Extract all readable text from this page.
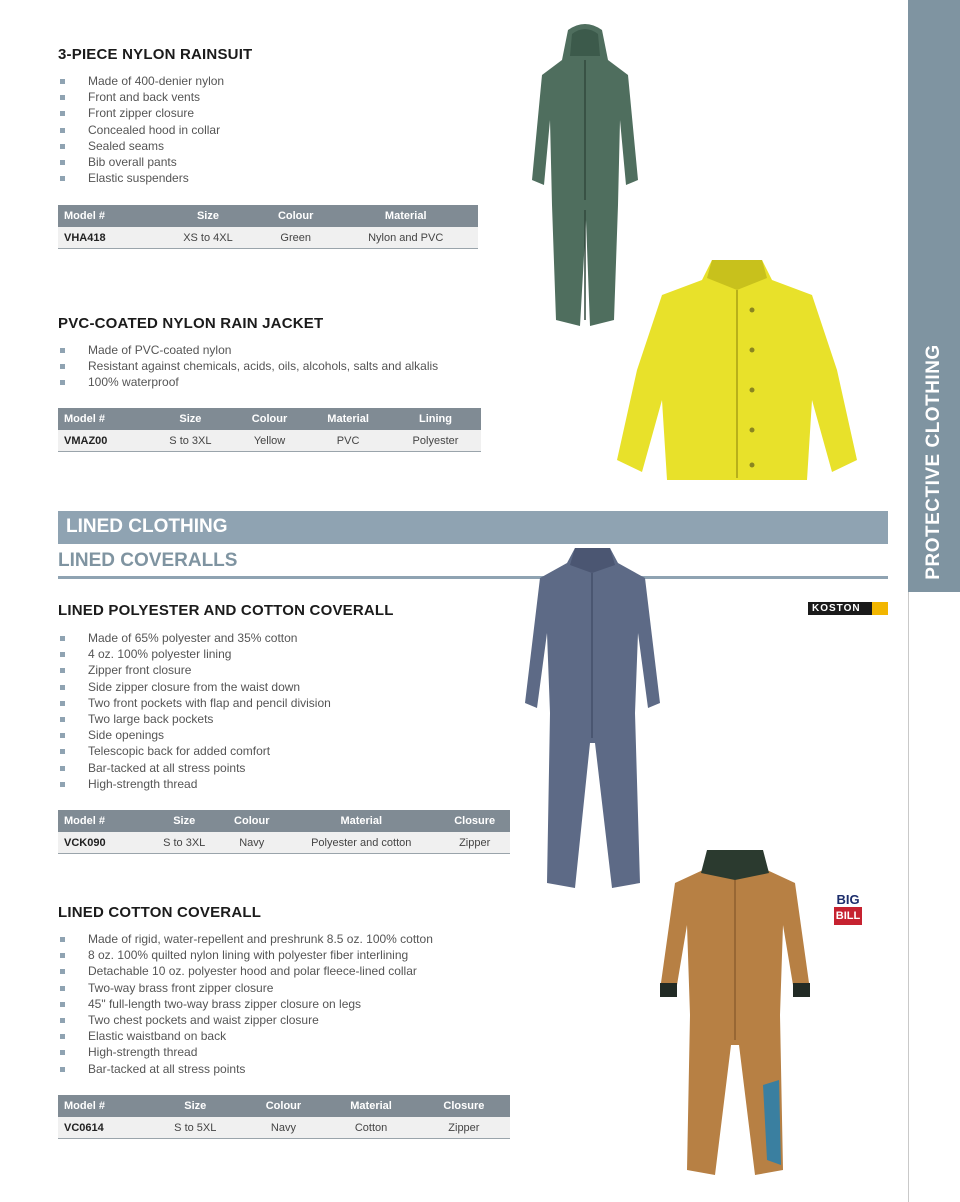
PROTECTIVE CLOTHING
3-PIECE NYLON RAINSUIT
Made of 400-denier nylon
Front and back vents
Front zipper closure
Concealed hood in collar
Sealed seams
Bib overall pants
Elastic suspenders
Model #	Size	Colour	Material
VHA418	XS to 4XL	Green	Nylon and PVC
PVC-COATED NYLON RAIN JACKET
Made of PVC-coated nylon
Resistant against chemicals, acids, oils, alcohols, salts and alkalis
100% waterproof
Model #	Size	Colour	Material	Lining
VMAZ00	S to 3XL	Yellow	PVC	Polyester
LINED CLOTHING
LINED COVERALLS
KOSTON
LINED POLYESTER AND COTTON COVERALL
Made of 65% polyester and 35% cotton
4 oz. 100% polyester lining
Zipper front closure
Side zipper closure from the waist down
Two front pockets with flap and pencil division
Two large back pockets
Side openings
Telescopic back for added comfort
Bar-tacked at all stress points
High-strength thread
Model #	Size	Colour	Material	Closure
VCK090	S to 3XL	Navy	Polyester and cotton	Zipper
BIG
BILL
LINED COTTON COVERALL
Made of rigid, water-repellent and preshrunk 8.5 oz. 100% cotton
8 oz. 100% quilted nylon lining with polyester fiber interlining
Detachable 10 oz. polyester hood and polar fleece-lined collar
Two-way brass front zipper closure
45" full-length two-way brass zipper closure on legs
Two chest pockets and waist zipper closure
Elastic waistband on back
High-strength thread
Bar-tacked at all stress points
Model #	Size	Colour	Material	Closure
VC0614	S to 5XL	Navy	Cotton	Zipper
